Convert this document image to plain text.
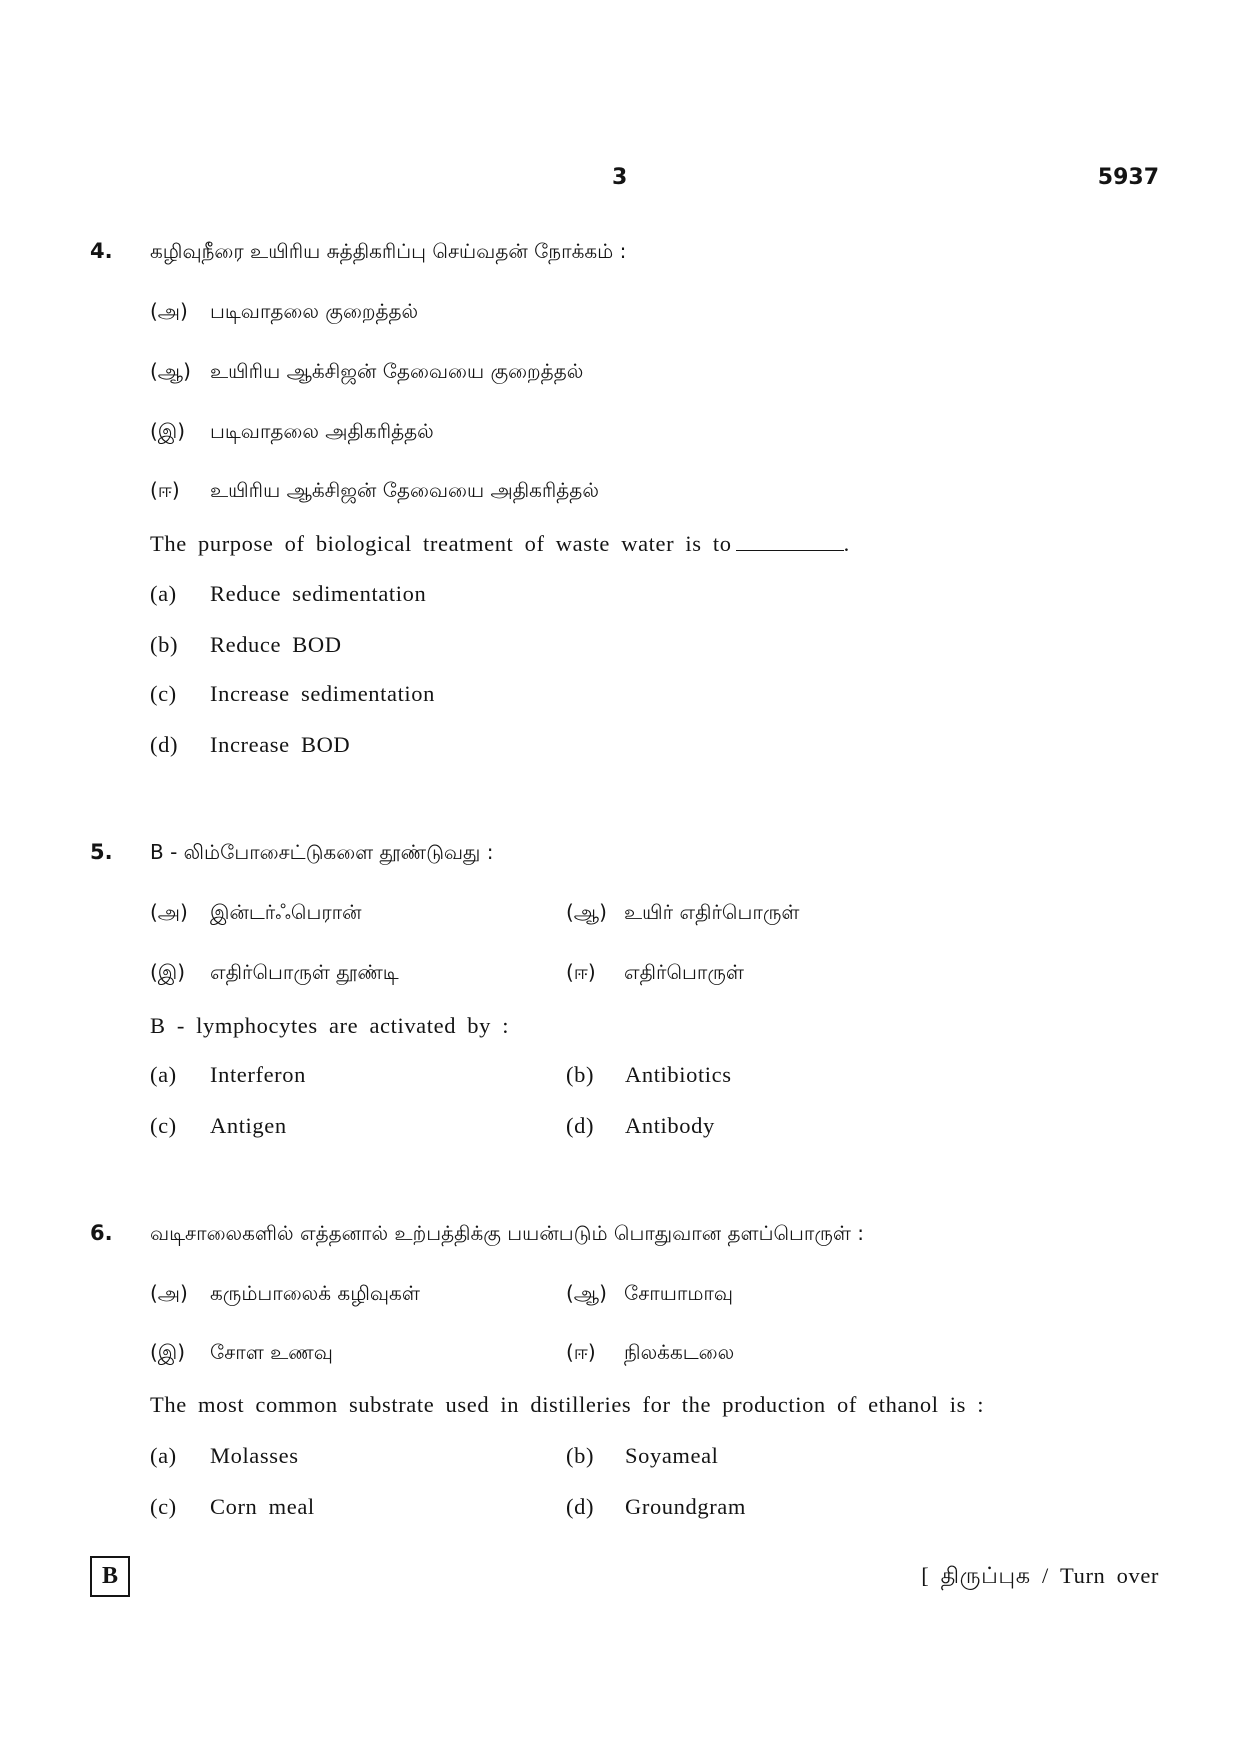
3	5937
4. கழிவுநீரை உயிரிய சுத்திகரிப்பு செய்வதன் நோக்கம் :
(அ) படிவாதலை குறைத்தல்
(ஆ) உயிரிய ஆக்சிஜன் தேவையை குறைத்தல்
(இ) படிவாதலை அதிகரித்தல்
(ஈ) உயிரிய ஆக்சிஜன் தேவையை அதிகரித்தல்
The purpose of biological treatment of waste water is to	.
(a) Reduce sedimentation
(b) Reduce BOD
(c) Increase sedimentation
(d) Increase BOD
5. B - லிம்போசைட்டுகளை தூண்டுவது :
(அ) இன்டர்ஃபெரான்	(ஆ) உயிர் எதிர்பொருள்
(இ) எதிர்பொருள் தூண்டி	(ஈ) எதிர்பொருள்
B - lymphocytes are activated by :
(a) Interferon	(b) Antibiotics
(c) Antigen	(d) Antibody
6. வடிசாலைகளில் எத்தனால் உற்பத்திக்கு பயன்படும் பொதுவான தளப்பொருள் :
(அ) கரும்பாலைக் கழிவுகள்	(ஆ) சோயாமாவு
(இ) சோள உணவு	(ஈ) நிலக்கடலை
The most common substrate used in distilleries for the production of ethanol is :
(a) Molasses	(b) Soyameal
(c) Corn meal	(d) Groundgram
B	[ திருப்புக / Turn over
